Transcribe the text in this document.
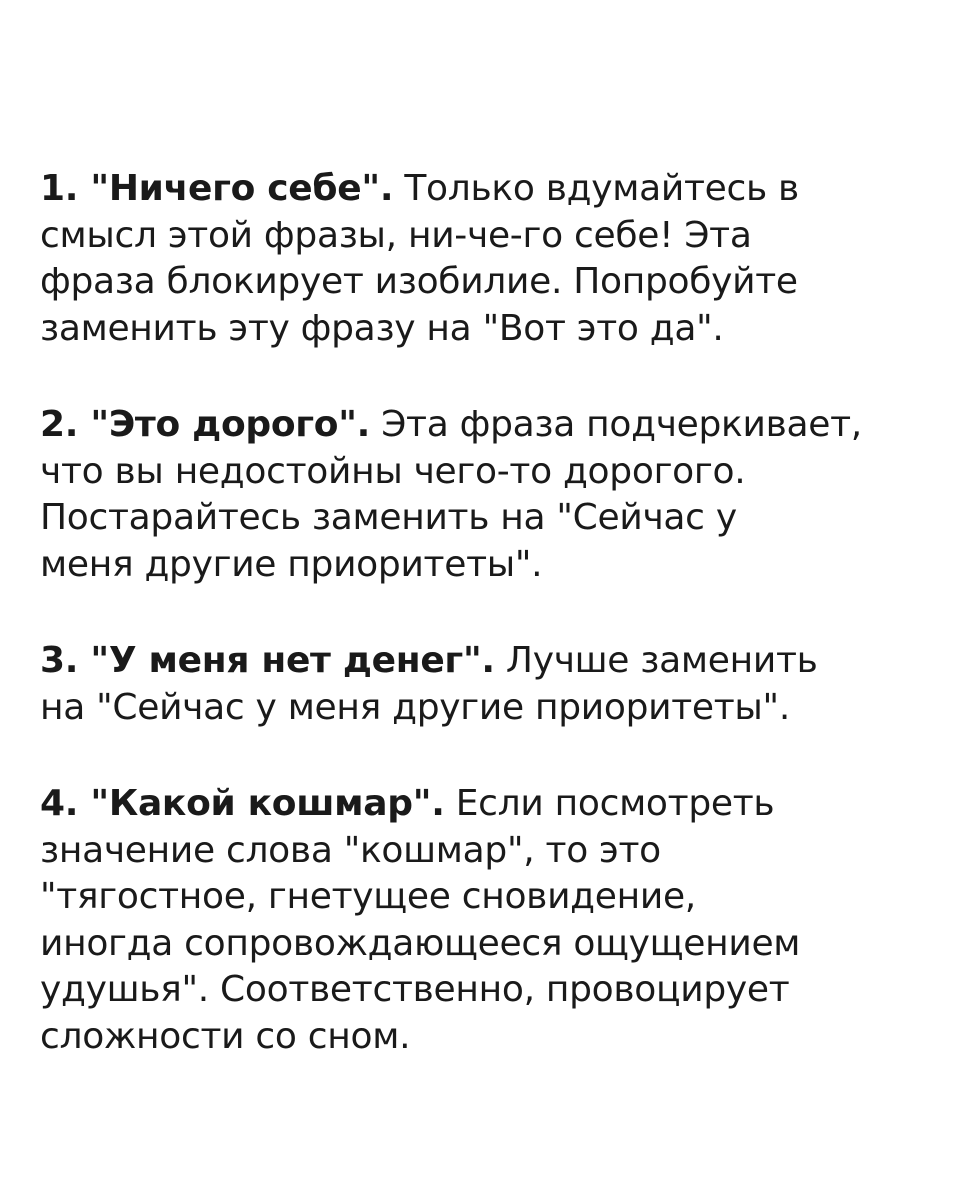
1. "Ничего себе". Только вдумайтесь в
смысл этой фразы, ни-че-го себе! Эта
фраза блокирует изобилие. Попробуйте
заменить эту фразу на "Вот это да".
2. "Это дорого". Эта фраза подчеркивает,
что вы недостойны чего-то дорогого.
Постарайтесь заменить на "Сейчас у
меня другие приоритеты".
3. "У меня нет денег". Лучше заменить
на "Сейчас у меня другие приоритеты".
4. "Какой кошмар". Если посмотреть
значение слова "кошмар", то это
"тягостное, гнетущее сновидение,
иногда сопровождающееся ощущением
удушья". Соответственно, провоцирует
сложности со сном.
